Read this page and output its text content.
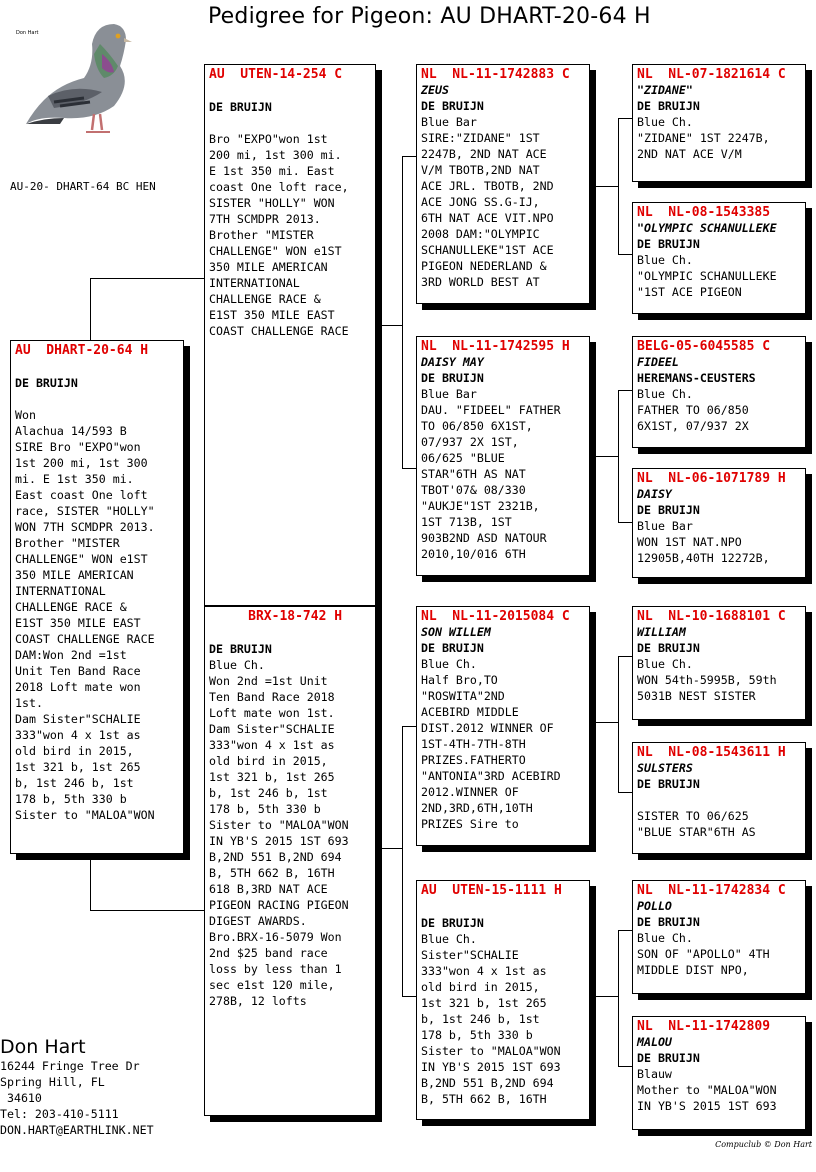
Pedigree for Pigeon: AU DHART-20-64 H
Don Hart
AU-20- DHART-64 BC HEN
AU  DHART-20-64 H
DE BRUIJN
Won
Alachua 14/593 B
SIRE Bro "EXPO"won
1st 200 mi, 1st 300
mi. E 1st 350 mi.
East coast One loft
race, SISTER "HOLLY"
WON 7TH SCMDPR 2013.
Brother "MISTER
CHALLENGE" WON e1ST
350 MILE AMERICAN
INTERNATIONAL
CHALLENGE RACE &
E1ST 350 MILE EAST
COAST CHALLENGE RACE
DAM:Won 2nd =1st
Unit Ten Band Race
2018 Loft mate won
1st.
Dam Sister"SCHALIE
333"won 4 x 1st as
old bird in 2015,
1st 321 b, 1st 265
b, 1st 246 b, 1st
178 b, 5th 330 b
Sister to "MALOA"WON
AU  UTEN-14-254 C
DE BRUIJN
Bro "EXPO"won 1st
200 mi, 1st 300 mi.
E 1st 350 mi. East
coast One loft race,
SISTER "HOLLY" WON
7TH SCMDPR 2013.
Brother "MISTER
CHALLENGE" WON e1ST
350 MILE AMERICAN
INTERNATIONAL
CHALLENGE RACE &
E1ST 350 MILE EAST
COAST CHALLENGE RACE
BRX-18-742 H
DE BRUIJN
Blue Ch.
Won 2nd =1st Unit
Ten Band Race 2018
Loft mate won 1st.
Dam Sister"SCHALIE
333"won 4 x 1st as
old bird in 2015,
1st 321 b, 1st 265
b, 1st 246 b, 1st
178 b, 5th 330 b
Sister to "MALOA"WON
IN YB'S 2015 1ST 693
B,2ND 551 B,2ND 694
B, 5TH 662 B, 16TH
618 B,3RD NAT ACE
PIGEON RACING PIGEON
DIGEST AWARDS.
Bro.BRX-16-5079 Won
2nd $25 band race
loss by less than 1
sec e1st 120 mile,
278B, 12 lofts
NL  NL-11-1742883 C
ZEUS
DE BRUIJN
Blue Bar
SIRE:"ZIDANE" 1ST
2247B, 2ND NAT ACE
V/M TBOTB,2ND NAT
ACE JRL. TBOTB, 2ND
ACE JONG SS.G-IJ,
6TH NAT ACE VIT.NPO
2008 DAM:"OLYMPIC
SCHANULLEKE"1ST ACE
PIGEON NEDERLAND &
3RD WORLD BEST AT
NL  NL-11-1742595 H
DAISY MAY
DE BRUIJN
Blue Bar
DAU. "FIDEEL" FATHER
TO 06/850 6X1ST,
07/937 2X 1ST,
06/625 "BLUE
STAR"6TH AS NAT
TBOT'07& 08/330
"AUKJE"1ST 2321B,
1ST 713B, 1ST
903B2ND ASD NATOUR
2010,10/016 6TH
NL  NL-11-2015084 C
SON WILLEM
DE BRUIJN
Blue Ch.
Half Bro,TO
"ROSWITA"2ND
ACEBIRD MIDDLE
DIST.2012 WINNER OF
1ST-4TH-7TH-8TH
PRIZES.FATHERTO
"ANTONIA"3RD ACEBIRD
2012.WINNER OF
2ND,3RD,6TH,10TH
PRIZES Sire to
AU  UTEN-15-1111 H
DE BRUIJN
Blue Ch.
Sister"SCHALIE
333"won 4 x 1st as
old bird in 2015,
1st 321 b, 1st 265
b, 1st 246 b, 1st
178 b, 5th 330 b
Sister to "MALOA"WON
IN YB'S 2015 1ST 693
B,2ND 551 B,2ND 694
B, 5TH 662 B, 16TH
NL  NL-07-1821614 C
"ZIDANE"
DE BRUIJN
Blue Ch.
"ZIDANE" 1ST 2247B,
2ND NAT ACE V/M
NL  NL-08-1543385
"OLYMPIC SCHANULLEKE
DE BRUIJN
Blue Ch.
"OLYMPIC SCHANULLEKE
"1ST ACE PIGEON
BELG-05-6045585 C
FIDEEL
HEREMANS-CEUSTERS
Blue Ch.
FATHER TO 06/850
6X1ST, 07/937 2X
NL  NL-06-1071789 H
DAISY
DE BRUIJN
Blue Bar
WON 1ST NAT.NPO
12905B,40TH 12272B,
NL  NL-10-1688101 C
WILLIAM
DE BRUIJN
Blue Ch.
WON 54th-5995B, 59th
5031B NEST SISTER
NL  NL-08-1543611 H
SULSTERS
DE BRUIJN
SISTER TO 06/625
"BLUE STAR"6TH AS
NL  NL-11-1742834 C
POLLO
DE BRUIJN
Blue Ch.
SON OF "APOLLO" 4TH
MIDDLE DIST NPO,
NL  NL-11-1742809
MALOU
DE BRUIJN
Blauw
Mother to "MALOA"WON
IN YB'S 2015 1ST 693
Don Hart
16244 Fringe Tree Dr
Spring Hill, FL
34610
Tel: 203-410-5111
DON.HART@EARTHLINK.NET
Compuclub © Don Hart
